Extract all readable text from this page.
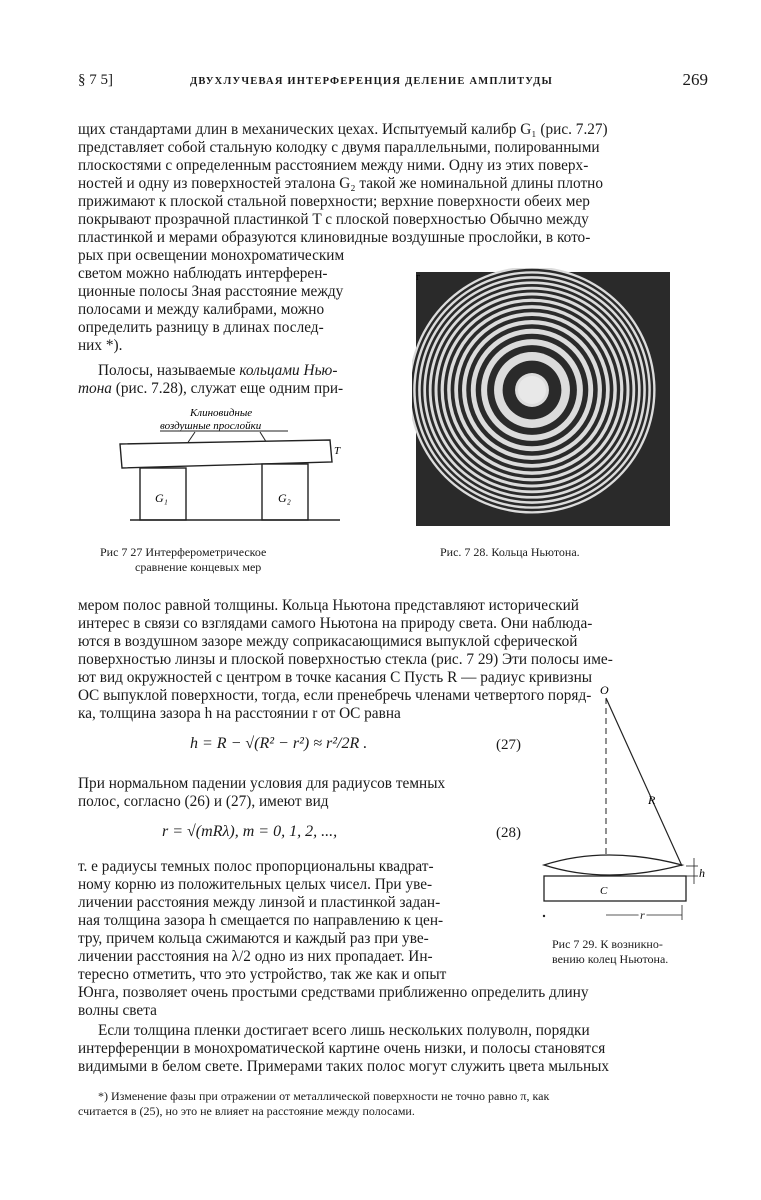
§ 7 5]	ДВУХЛУЧЕВАЯ ИНТЕРФЕРЕНЦИЯ ДЕЛЕНИЕ АМПЛИТУДЫ	269
щих стандартами длин в механических цехах. Испытуемый калибр G₁ (рис. 7.27)
представляет собой стальную колодку с двумя параллельными, полированными
плоскостями с определенным расстоянием между ними. Одну из этих поверх-
ностей и одну из поверхностей эталона G₂ такой же номинальной длины плотно
прижимают к плоской стальной поверхности; верхние поверхности обеих мер
покрывают прозрачной пластинкой T с плоской поверхностью Обычно между
пластинкой и мерами образуются клиновидные воздушные прослойки, в кото-
рых при освещении монохроматическим
светом можно наблюдать интерферен-
ционные полосы Зная расстояние между
полосами и между калибрами, можно
определить разницу в длинах послед-
них *).
Полосы, называемые кольцами Нью-
тона (рис. 7.28), служат еще одним при-
Клиновидные
воздушные прослойки
T
G₁	G₂
Рис 7 27 Интерферометрическое
сравнение концевых мер
г
Рис. 7 28. Кольца Ньютона.
мером полос равной толщины. Кольца Ньютона представляют исторический
интерес в связи со взглядами самого Ньютона на природу света. Они наблюда-
ются в воздушном зазоре между соприкасающимися выпуклой сферической
поверхностью линзы и плоской поверхностью стекла (рис. 7 29) Эти полосы име-
ют вид окружностей с центром в точке касания C Пусть R — радиус кривизны
OC выпуклой поверхности, тогда, если пренебречь членами четвертого поряд-
ка, толщина зазора h на расстоянии r от OC равна
h = R − √(R² − r²) ≈ r²/2R .	(27)
При нормальном падении условия для радиусов темных
полос, согласно (26) и (27), имеют вид
r = √(mRλ), m = 0, 1, 2, ...,	(28)
т. е радиусы темных полос пропорциональны квадрат-
ному корню из положительных целых чисел. При уве-
личении расстояния между линзой и пластинкой задан-
ная толщина зазора h смещается по направлению к цен-
тру, причем кольца сжимаются и каждый раз при уве-
личении расстояния на λ/2 одно из них пропадает. Ин-
тересно отметить, что это устройство, так же как и опыт
Юнга, позволяет очень простыми средствами приближенно определить длину
волны света
O
R
C
h
r
Рис 7 29. К возникно-
вению колец Ньютона.
Если толщина пленки достигает всего лишь нескольких полуволн, порядки
интерференции в монохроматической картине очень низки, и полосы становятся
видимыми в белом свете. Примерами таких полос могут служить цвета мыльных
*) Изменение фазы при отражении от металлической поверхности не точно равно π, как
считается в (25), но это не влияет на расстояние между полосами.
